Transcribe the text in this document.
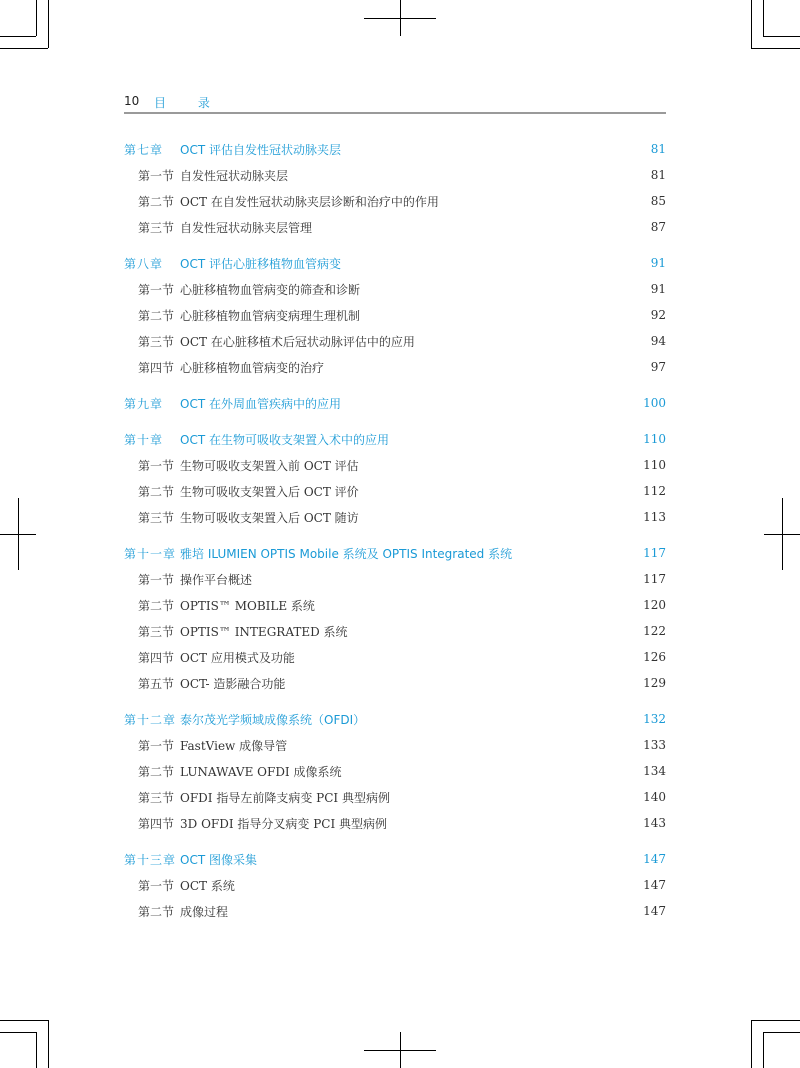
10 目 录
第七章	OCT 评估自发性冠状动脉夹层	81
第一节 自发性冠状动脉夹层	81
第二节 OCT 在自发性冠状动脉夹层诊断和治疗中的作用	85
第三节 自发性冠状动脉夹层管理	87
第八章	OCT 评估心脏移植物血管病变	91
第一节 心脏移植物血管病变的筛查和诊断	91
第二节 心脏移植物血管病变病理生理机制	92
第三节 OCT 在心脏移植术后冠状动脉评估中的应用	94
第四节 心脏移植物血管病变的治疗	97
第九章	OCT 在外周血管疾病中的应用	100
第十章	OCT 在生物可吸收支架置入术中的应用	110
第一节 生物可吸收支架置入前 OCT 评估	110
第二节 生物可吸收支架置入后 OCT 评价	112
第三节 生物可吸收支架置入后 OCT 随访	113
第十一章 雅培 ILUMIEN OPTIS Mobile 系统及 OPTIS Integrated 系统	117
第一节 操作平台概述	117
第二节 OPTIS™ MOBILE 系统	120
第三节 OPTIS™ INTEGRATED 系统	122
第四节 OCT 应用模式及功能	126
第五节 OCT- 造影融合功能	129
第十二章 泰尔茂光学频域成像系统（OFDI）	132
第一节 FastView 成像导管	133
第二节 LUNAWAVE OFDI 成像系统	134
第三节 OFDI 指导左前降支病变 PCI 典型病例	140
第四节 3D OFDI 指导分叉病变 PCI 典型病例	143
第十三章 OCT 图像采集	147
第一节 OCT 系统	147
第二节 成像过程	147
